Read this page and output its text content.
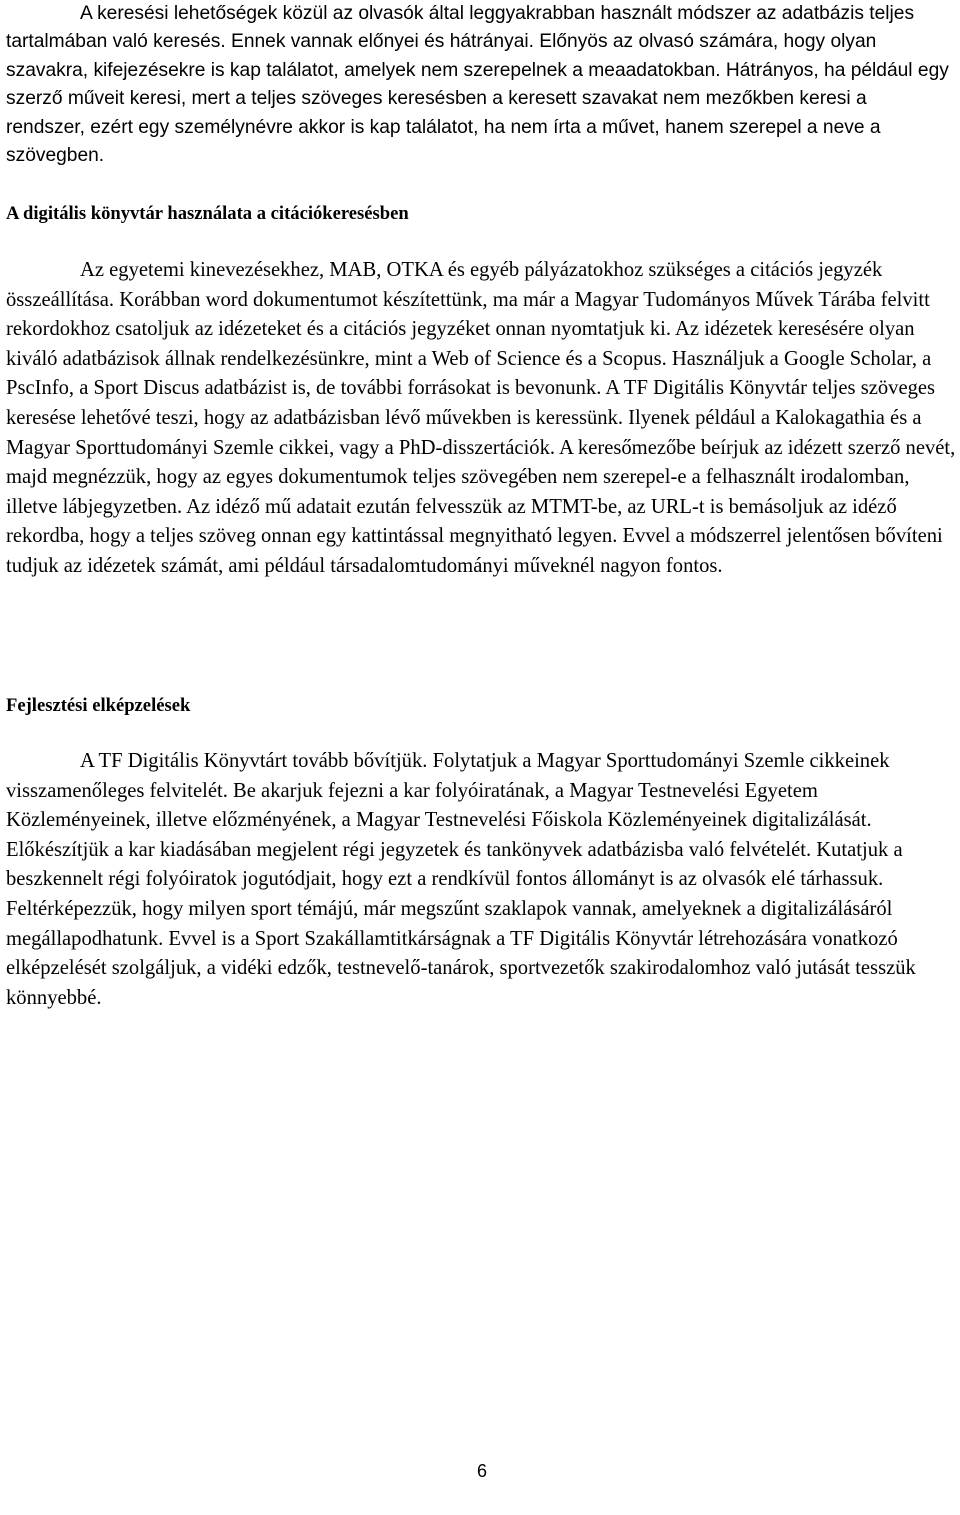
A keresési lehetőségek közül az olvasók által leggyakrabban használt módszer az adatbázis teljes tartalmában való keresés. Ennek vannak előnyei és hátrányai. Előnyös az olvasó számára, hogy olyan szavakra, kifejezésekre is kap találatot, amelyek nem szerepelnek a meaadatokban. Hátrányos, ha például egy szerző műveit keresi, mert a teljes szöveges keresésben a keresett szavakat nem mezőkben keresi a rendszer, ezért egy személynévre akkor is kap találatot, ha nem írta a művet, hanem szerepel a neve a szövegben.

A digitális könyvtár használata a citációkeresésben

Az egyetemi kinevezésekhez, MAB, OTKA és egyéb pályázatokhoz szükséges a citációs jegyzék összeállítása. Korábban word dokumentumot készítettünk, ma már a Magyar Tudományos Művek Tárába felvitt rekordokhoz csatoljuk az idézeteket és a citációs jegyzéket onnan nyomtatjuk ki. Az idézetek keresésére olyan kiváló adatbázisok állnak rendelkezésünkre, mint a Web of Science és a Scopus. Használjuk a Google Scholar, a PscInfo, a Sport Discus adatbázist is, de további forrásokat is bevonunk. A TF Digitális Könyvtár teljes szöveges keresése lehetővé teszi, hogy az adatbázisban lévő művekben is keressünk. Ilyenek például a Kalokagathia és a Magyar Sporttudományi Szemle cikkei, vagy a PhD-disszertációk. A keresőmezőbe beírjuk az idézett szerző nevét, majd megnézzük, hogy az egyes dokumentumok teljes szövegében nem szerepel-e a felhasznált irodalomban, illetve lábjegyzetben. Az idéző mű adatait ezután felvesszük az MTMT-be, az URL-t is bemásoljuk az idéző rekordba, hogy a teljes szöveg onnan egy kattintással megnyitható legyen. Evvel a módszerrel jelentősen bővíteni tudjuk az idézetek számát, ami például társadalomtudományi műveknél nagyon fontos.

Fejlesztési elképzelések

A TF Digitális Könyvtárt tovább bővítjük. Folytatjuk a Magyar Sporttudományi Szemle cikkeinek visszamenőleges felvitelét. Be akarjuk fejezni a kar folyóiratának, a Magyar Testnevelési Egyetem Közleményeinek, illetve előzményének, a Magyar Testnevelési Főiskola Közleményeinek digitalizálását. Előkészítjük a kar kiadásában megjelent régi jegyzetek és tankönyvek adatbázisba való felvételét. Kutatjuk a beszkennelt régi folyóiratok jogutódjait, hogy ezt a rendkívül fontos állományt is az olvasók elé tárhassuk. Feltérképezzük, hogy milyen sport témájú, már megszűnt szaklapok vannak, amelyeknek a digitalizálásáról megállapodhatunk. Evvel is a Sport Szakállamtitkárságnak a TF Digitális Könyvtár létrehozására vonatkozó elképzelését szolgáljuk, a vidéki edzők, testnevelő-tanárok, sportvezetők szakirodalomhoz való jutását tesszük könnyebbé.

6
